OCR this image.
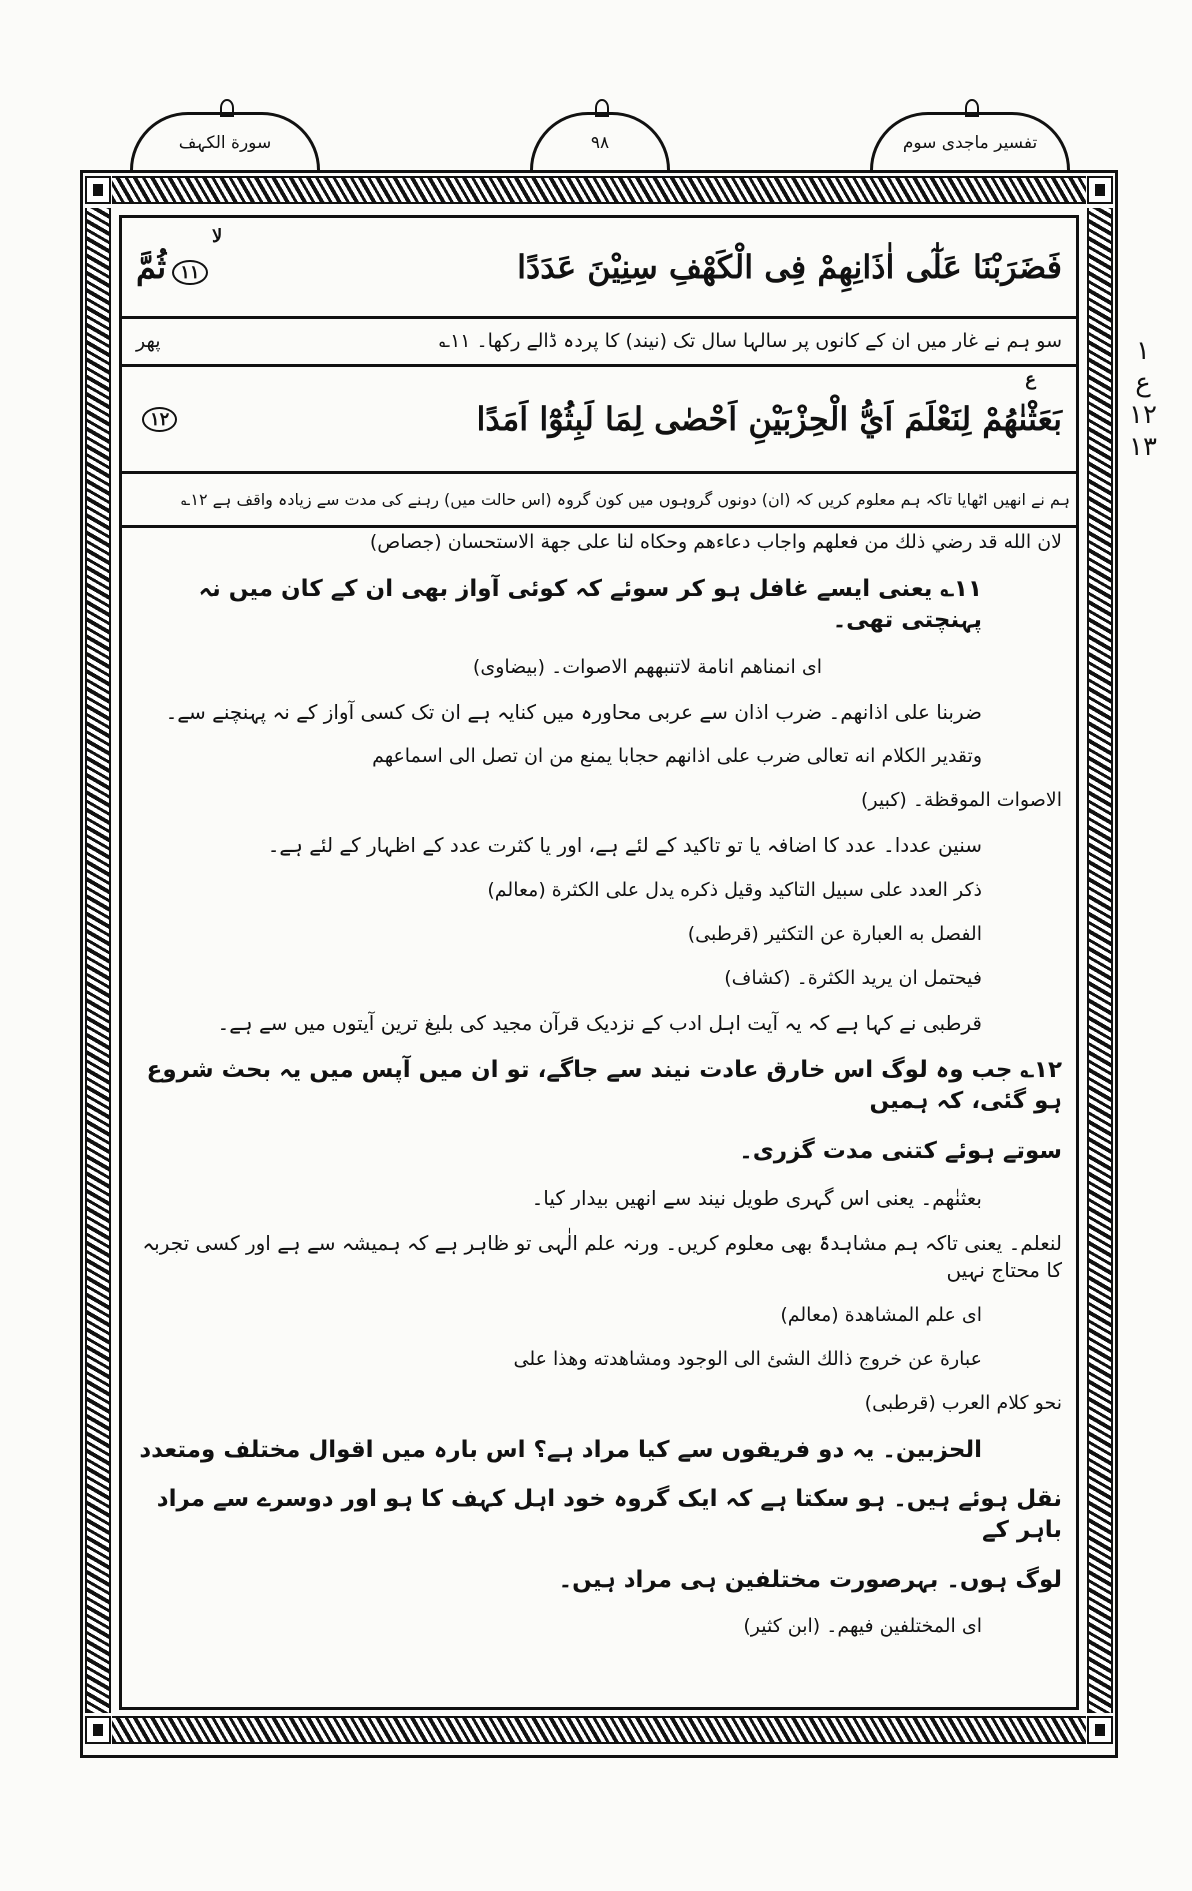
سورة الکہف	۹۸	تفسیر ماجدی سوم
۱
ع
۱۲
۱۳
فَضَرَبْنَا عَلٰٓى اٰذَانِهِمْ فِى الْكَهْفِ سِنِيْنَ عَدَدًا
۱۱ثُمَّ
لا
سو ہم نے غار میں ان کے کانوں پر سالہا سال تک (نیند) کا پردہ ڈالے رکھا۔ ۱۱؎
پھر
ع
بَعَثْنٰهُمْ لِنَعْلَمَ اَيُّ الْحِزْبَيْنِ اَحْصٰى لِمَا لَبِثُوْٓا اَمَدًا
۱۲
ہم نے انھیں اٹھایا تاکہ ہم معلوم کریں کہ (ان) دونوں گروہوں میں کون گروہ (اس حالت میں) رہنے کی مدت سے زیادہ واقف ہے ۱۲؎
لان الله قد رضي ذلك من فعلهم واجاب دعاءهم وحكاه لنا على جهة الاستحسان (جصاص)
۱۱؎ یعنی ایسے غافل ہو کر سوئے کہ کوئی آواز بھی ان کے کان میں نہ پہنچتی تھی۔
اى انمناهم انامة لاتنبههم الاصوات۔ (بیضاوی)
ضربنا على اذانهم۔ ضرب اذان سے عربی محاورہ میں کنایہ ہے ان تک کسی آواز کے نہ پہنچنے سے۔
وتقدیر الکلام انه تعالى ضرب على اذانهم حجابا يمنع من ان تصل الى اسماعهم
الاصوات الموقظة۔ (کبیر)
سنین عددا۔ عدد کا اضافہ یا تو تاکید کے لئے ہے، اور یا کثرت عدد کے اظہار کے لئے ہے۔
ذكر العدد على سبيل التاكيد وقيل ذكره يدل على الكثرة (معالم)
الفصل به العبارة عن التكثير (قرطبی)
فيحتمل ان يريد الكثرة۔ (کشاف)
قرطبی نے کہا ہے کہ یہ آیت اہل ادب کے نزدیک قرآن مجید کی بلیغ ترین آیتوں میں سے ہے۔
۱۲؎ جب وہ لوگ اس خارق عادت نیند سے جاگے، تو ان میں آپس میں یہ بحث شروع ہو گئی، کہ ہمیں
سوتے ہوئے کتنی مدت گزری۔
بعثنٰهم۔ یعنی اس گہری طویل نیند سے انھیں بیدار کیا۔
لنعلم۔ یعنی تاکہ ہم مشاہدۃً بھی معلوم کریں۔ ورنہ علم الٰہی تو ظاہر ہے کہ ہمیشہ سے ہے اور کسی تجربہ کا محتاج نہیں
اى علم المشاهدة (معالم)
عبارة عن خروج ذالك الشئ الى الوجود ومشاهدته وهذا على
نحو كلام العرب (قرطبی)
الحزبین۔ یہ دو فریقوں سے کیا مراد ہے؟ اس بارہ میں اقوال مختلف ومتعدد
نقل ہوئے ہیں۔ ہو سکتا ہے کہ ایک گروہ خود اہل کہف کا ہو اور دوسرے سے مراد باہر کے
لوگ ہوں۔ بہرصورت مختلفین ہی مراد ہیں۔
اى المختلفين فيهم۔ (ابن کثیر)
